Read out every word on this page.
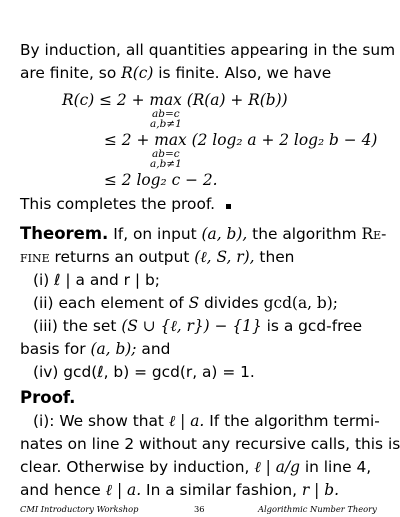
By induction, all quantities appearing in the sum
are finite, so R(c) is finite. Also, we have
R(c) ≤ 2 + max (R(a) + R(b))
ab=c
a,b≠1
≤ 2 + max (2 log₂ a + 2 log₂ b − 4)
ab=c
a,b≠1
≤ 2 log₂ c − 2.
This completes the proof.
Theorem. If, on input (a, b), the algorithm Re-
fine returns an output (ℓ, S, r), then
(i) ℓ | a and r | b;
(ii) each element of S divides gcd(a, b);
(iii) the set (S ∪ {ℓ, r}) − {1} is a gcd-free
basis for (a, b); and
(iv) gcd(ℓ, b) = gcd(r, a) = 1.
Proof.
(i): We show that ℓ | a. If the algorithm termi-
nates on line 2 without any recursive calls, this is
clear. Otherwise by induction, ℓ | a/g in line 4,
and hence ℓ | a. In a similar fashion, r | b.
CMI Introductory Workshop	36	Algorithmic Number Theory
